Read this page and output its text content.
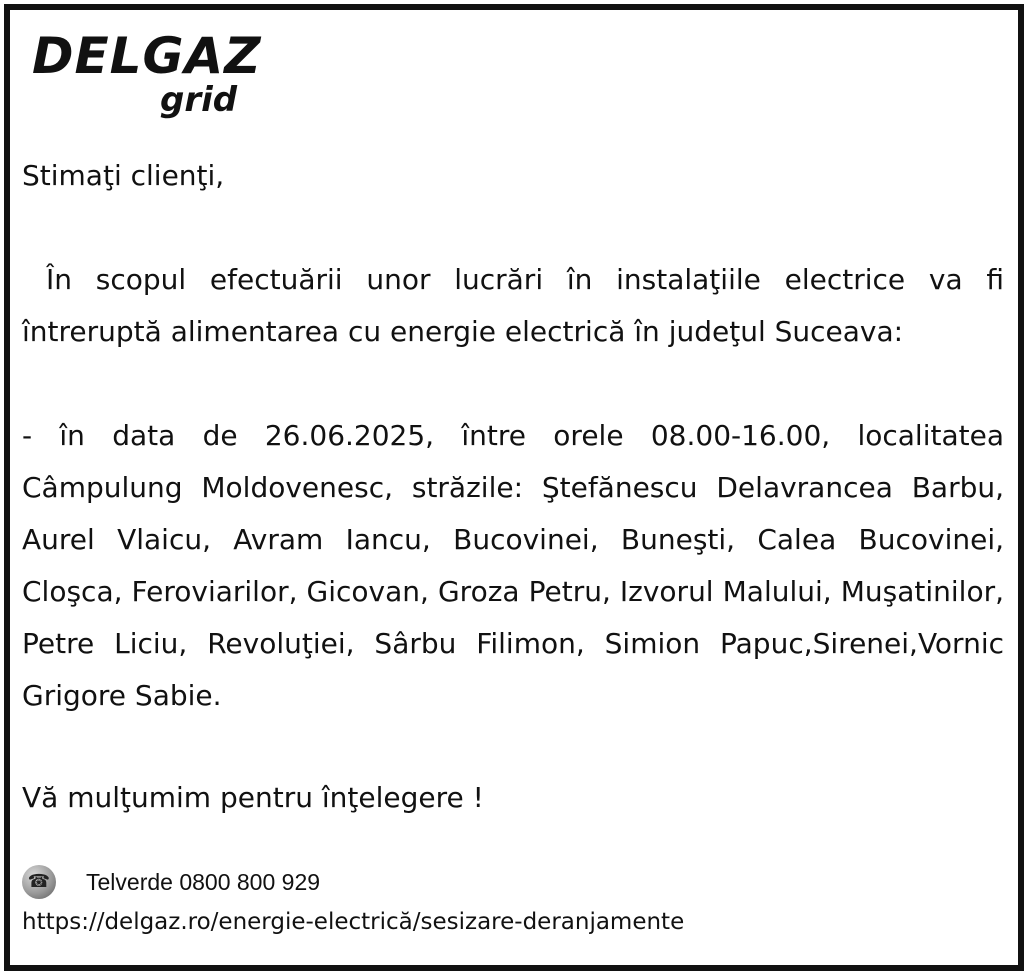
DELGAZ
grid
Stimaţi clienţi,
În scopul efectuării unor lucrări în instalaţiile electrice va fi întreruptă alimentarea cu energie electrică în judeţul Suceava:
- în data de 26.06.2025, între orele 08.00-16.00, localitatea Câmpulung Moldovenesc, străzile: Ştefănescu Delavrancea Barbu, Aurel Vlaicu, Avram Iancu, Bucovinei, Buneşti, Calea Bucovinei, Cloşca, Feroviarilor, Gicovan, Groza Petru, Izvorul Malului, Muşatinilor, Petre Liciu, Revoluţiei, Sârbu Filimon, Simion Papuc,Sirenei,Vornic Grigore Sabie.
Vă mulţumim pentru înţelegere !
☎ Telverde 0800 800 929
https://delgaz.ro/energie-electrică/sesizare-deranjamente
